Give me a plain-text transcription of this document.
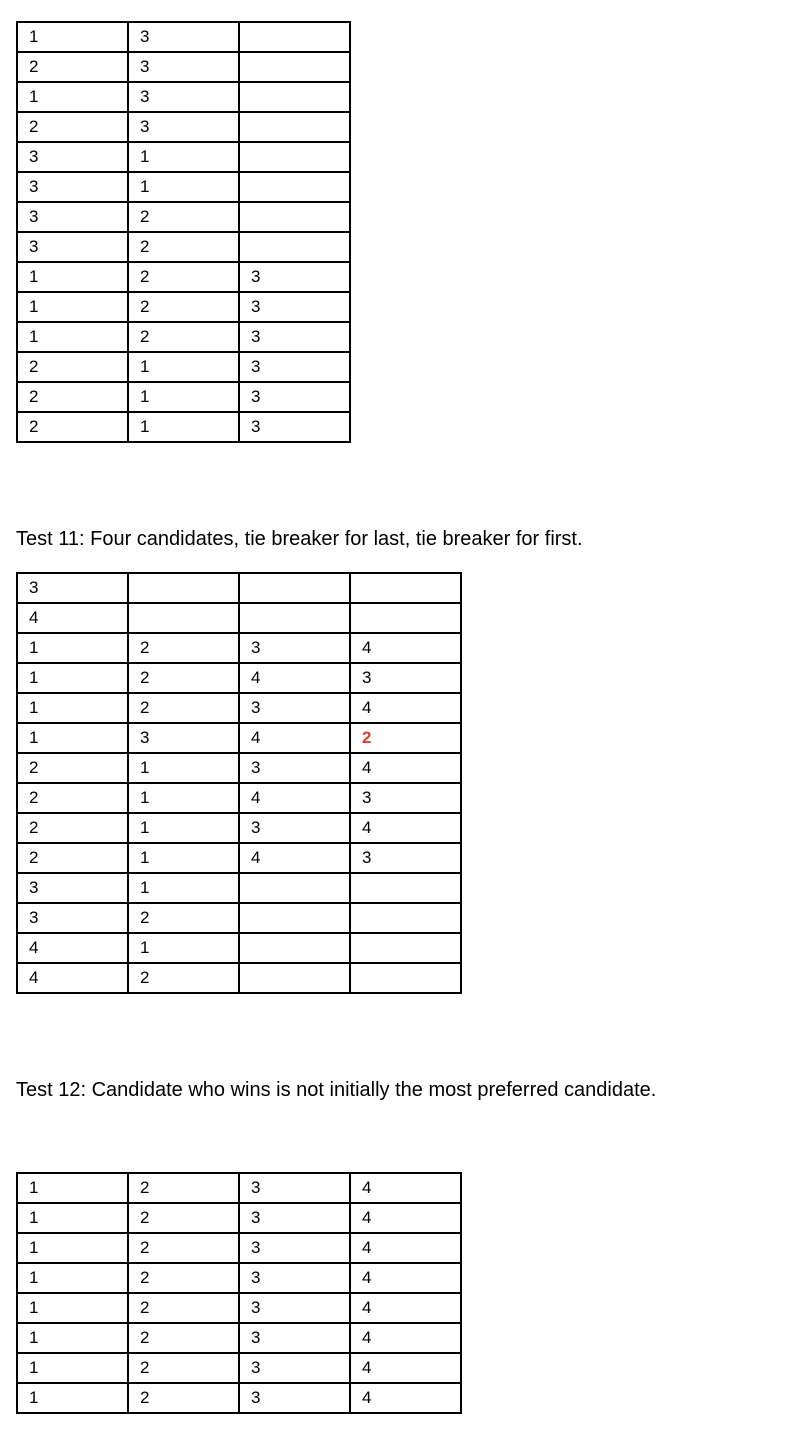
1	3	
2	3	
1	3	
2	3	
3	1	
3	1	
3	2	
3	2	
1	2	3
1	2	3
1	2	3
2	1	3
2	1	3
2	1	3

Test 11: Four candidates, tie breaker for last, tie breaker for first.

3			
4			
1	2	3	4
1	2	4	3
1	2	3	4
1	3	4	2
2	1	3	4
2	1	4	3
2	1	3	4
2	1	4	3
3	1		
3	2		
4	1		
4	2		

Test 12: Candidate who wins is not initially the most preferred candidate.

1	2	3	4
1	2	3	4
1	2	3	4
1	2	3	4
1	2	3	4
1	2	3	4
1	2	3	4
1	2	3	4
